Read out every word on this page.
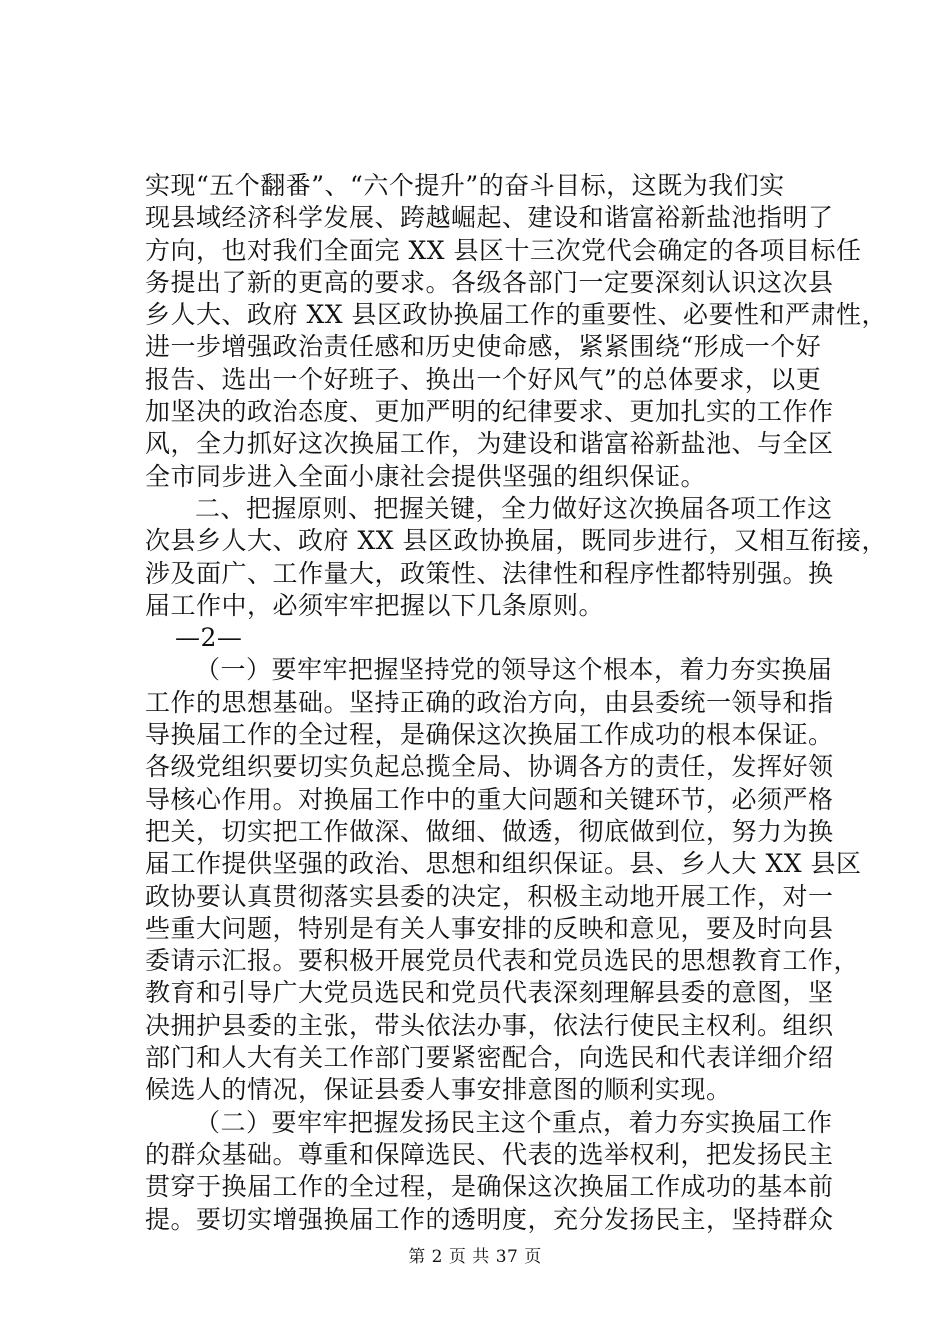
实现“五个翻番”、“六个提升”的奋斗目标，这既为我们实
现县域经济科学发展、跨越崛起、建设和谐富裕新盐池指明了
方向，也对我们全面完 XX 县区十三次党代会确定的各项目标任
务提出了新的更高的要求。各级各部门一定要深刻认识这次县
乡人大、政府 XX 县区政协换届工作的重要性、必要性和严肃性，
进一步增强政治责任感和历史使命感，紧紧围绕“形成一个好
报告、选出一个好班子、换出一个好风气”的总体要求，以更
加坚决的政治态度、更加严明的纪律要求、更加扎实的工作作
风，全力抓好这次换届工作，为建设和谐富裕新盐池、与全区
全市同步进入全面小康社会提供坚强的组织保证。
二、把握原则、把握关键，全力做好这次换届各项工作这
次县乡人大、政府 XX 县区政协换届，既同步进行，又相互衔接，
涉及面广、工作量大，政策性、法律性和程序性都特别强。换
届工作中，必须牢牢把握以下几条原则。
—2—
（一）要牢牢把握坚持党的领导这个根本，着力夯实换届
工作的思想基础。坚持正确的政治方向，由县委统一领导和指
导换届工作的全过程，是确保这次换届工作成功的根本保证。
各级党组织要切实负起总揽全局、协调各方的责任，发挥好领
导核心作用。对换届工作中的重大问题和关键环节，必须严格
把关，切实把工作做深、做细、做透，彻底做到位，努力为换
届工作提供坚强的政治、思想和组织保证。县、乡人大 XX 县区
政协要认真贯彻落实县委的决定，积极主动地开展工作，对一
些重大问题，特别是有关人事安排的反映和意见，要及时向县
委请示汇报。要积极开展党员代表和党员选民的思想教育工作，
教育和引导广大党员选民和党员代表深刻理解县委的意图，坚
决拥护县委的主张，带头依法办事，依法行使民主权利。组织
部门和人大有关工作部门要紧密配合，向选民和代表详细介绍
候选人的情况，保证县委人事安排意图的顺利实现。
（二）要牢牢把握发扬民主这个重点，着力夯实换届工作
的群众基础。尊重和保障选民、代表的选举权利，把发扬民主
贯穿于换届工作的全过程，是确保这次换届工作成功的基本前
提。要切实增强换届工作的透明度，充分发扬民主，坚持群众
第 2 页 共 37 页
